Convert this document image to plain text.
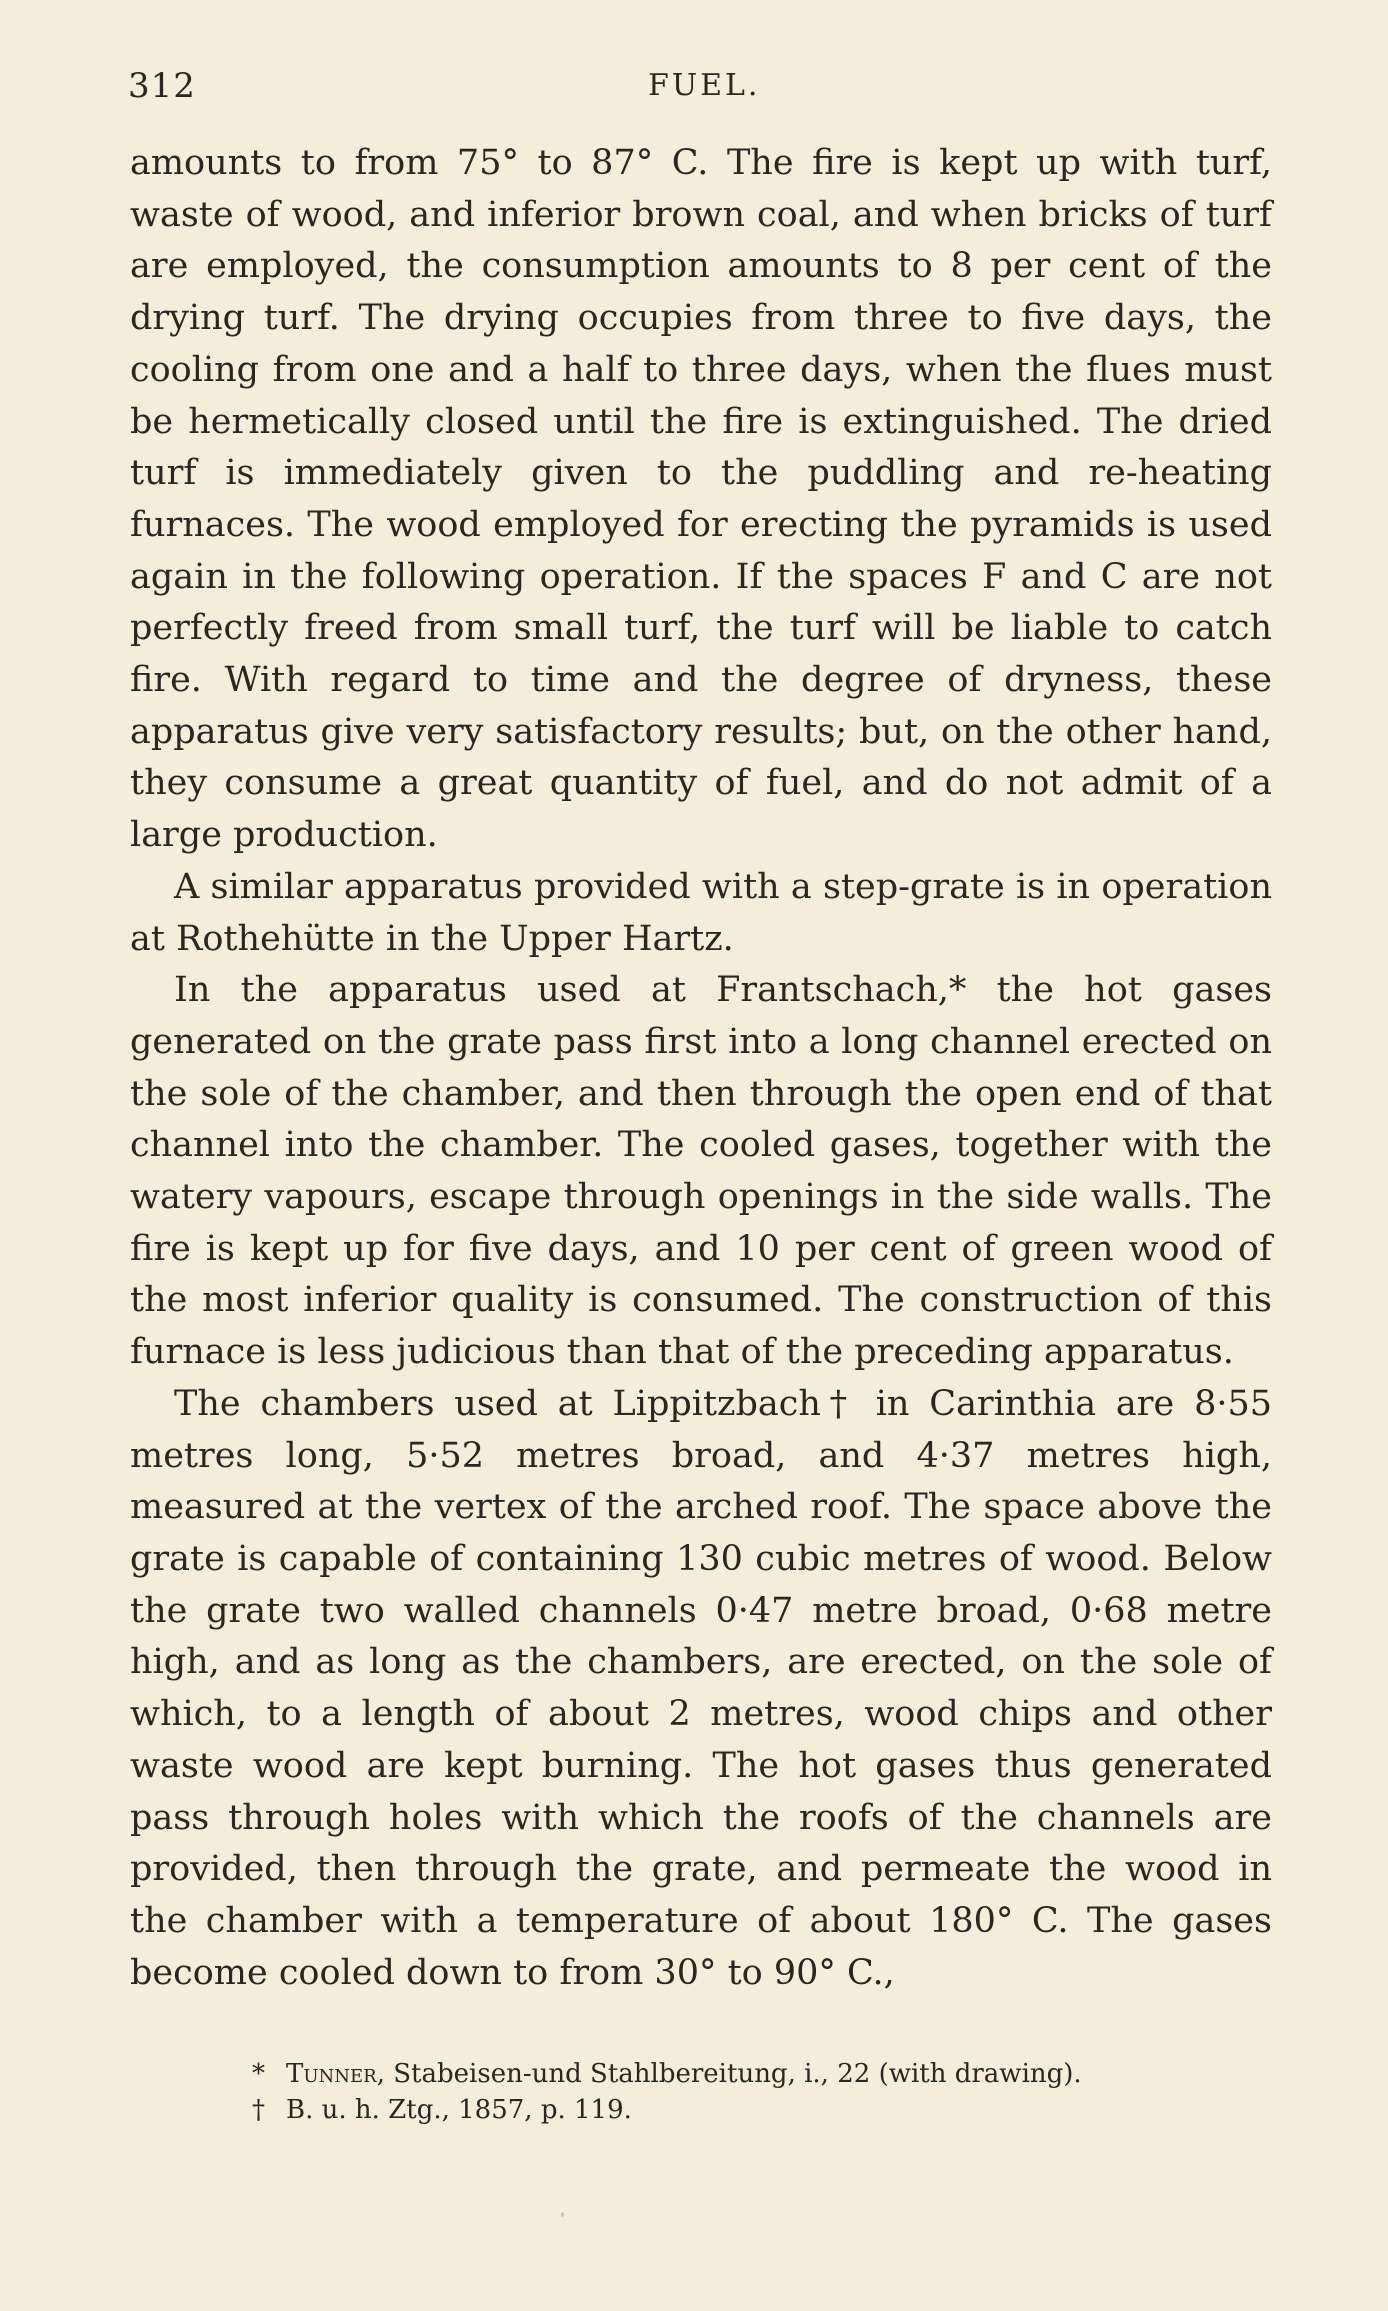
312	FUEL.

amounts to from 75° to 87° C. The fire is kept up with turf, waste of wood, and inferior brown coal, and when bricks of turf are employed, the consumption amounts to 8 per cent of the drying turf. The drying occupies from three to five days, the cooling from one and a half to three days, when the flues must be hermetically closed until the fire is extinguished. The dried turf is immediately given to the puddling and re-heating furnaces. The wood employed for erecting the pyramids is used again in the following operation. If the spaces F and C are not perfectly freed from small turf, the turf will be liable to catch fire. With regard to time and the degree of dryness, these apparatus give very satisfactory results; but, on the other hand, they consume a great quantity of fuel, and do not admit of a large production.

A similar apparatus provided with a step-grate is in operation at Rothehütte in the Upper Hartz.

In the apparatus used at Frantschach,* the hot gases generated on the grate pass first into a long channel erected on the sole of the chamber, and then through the open end of that channel into the chamber. The cooled gases, together with the watery vapours, escape through openings in the side walls. The fire is kept up for five days, and 10 per cent of green wood of the most inferior quality is consumed. The construction of this furnace is less judicious than that of the preceding apparatus.

The chambers used at Lippitzbach† in Carinthia are 8·55 metres long, 5·52 metres broad, and 4·37 metres high, measured at the vertex of the arched roof. The space above the grate is capable of containing 130 cubic metres of wood. Below the grate two walled channels 0·47 metre broad, 0·68 metre high, and as long as the chambers, are erected, on the sole of which, to a length of about 2 metres, wood chips and other waste wood are kept burning. The hot gases thus generated pass through holes with which the roofs of the channels are provided, then through the grate, and permeate the wood in the chamber with a temperature of about 180° C. The gases become cooled down to from 30° to 90° C.,

* Tunner, Stabeisen-und Stahlbereitung, i., 22 (with drawing).

† B. u. h. Ztg., 1857, p. 119.
